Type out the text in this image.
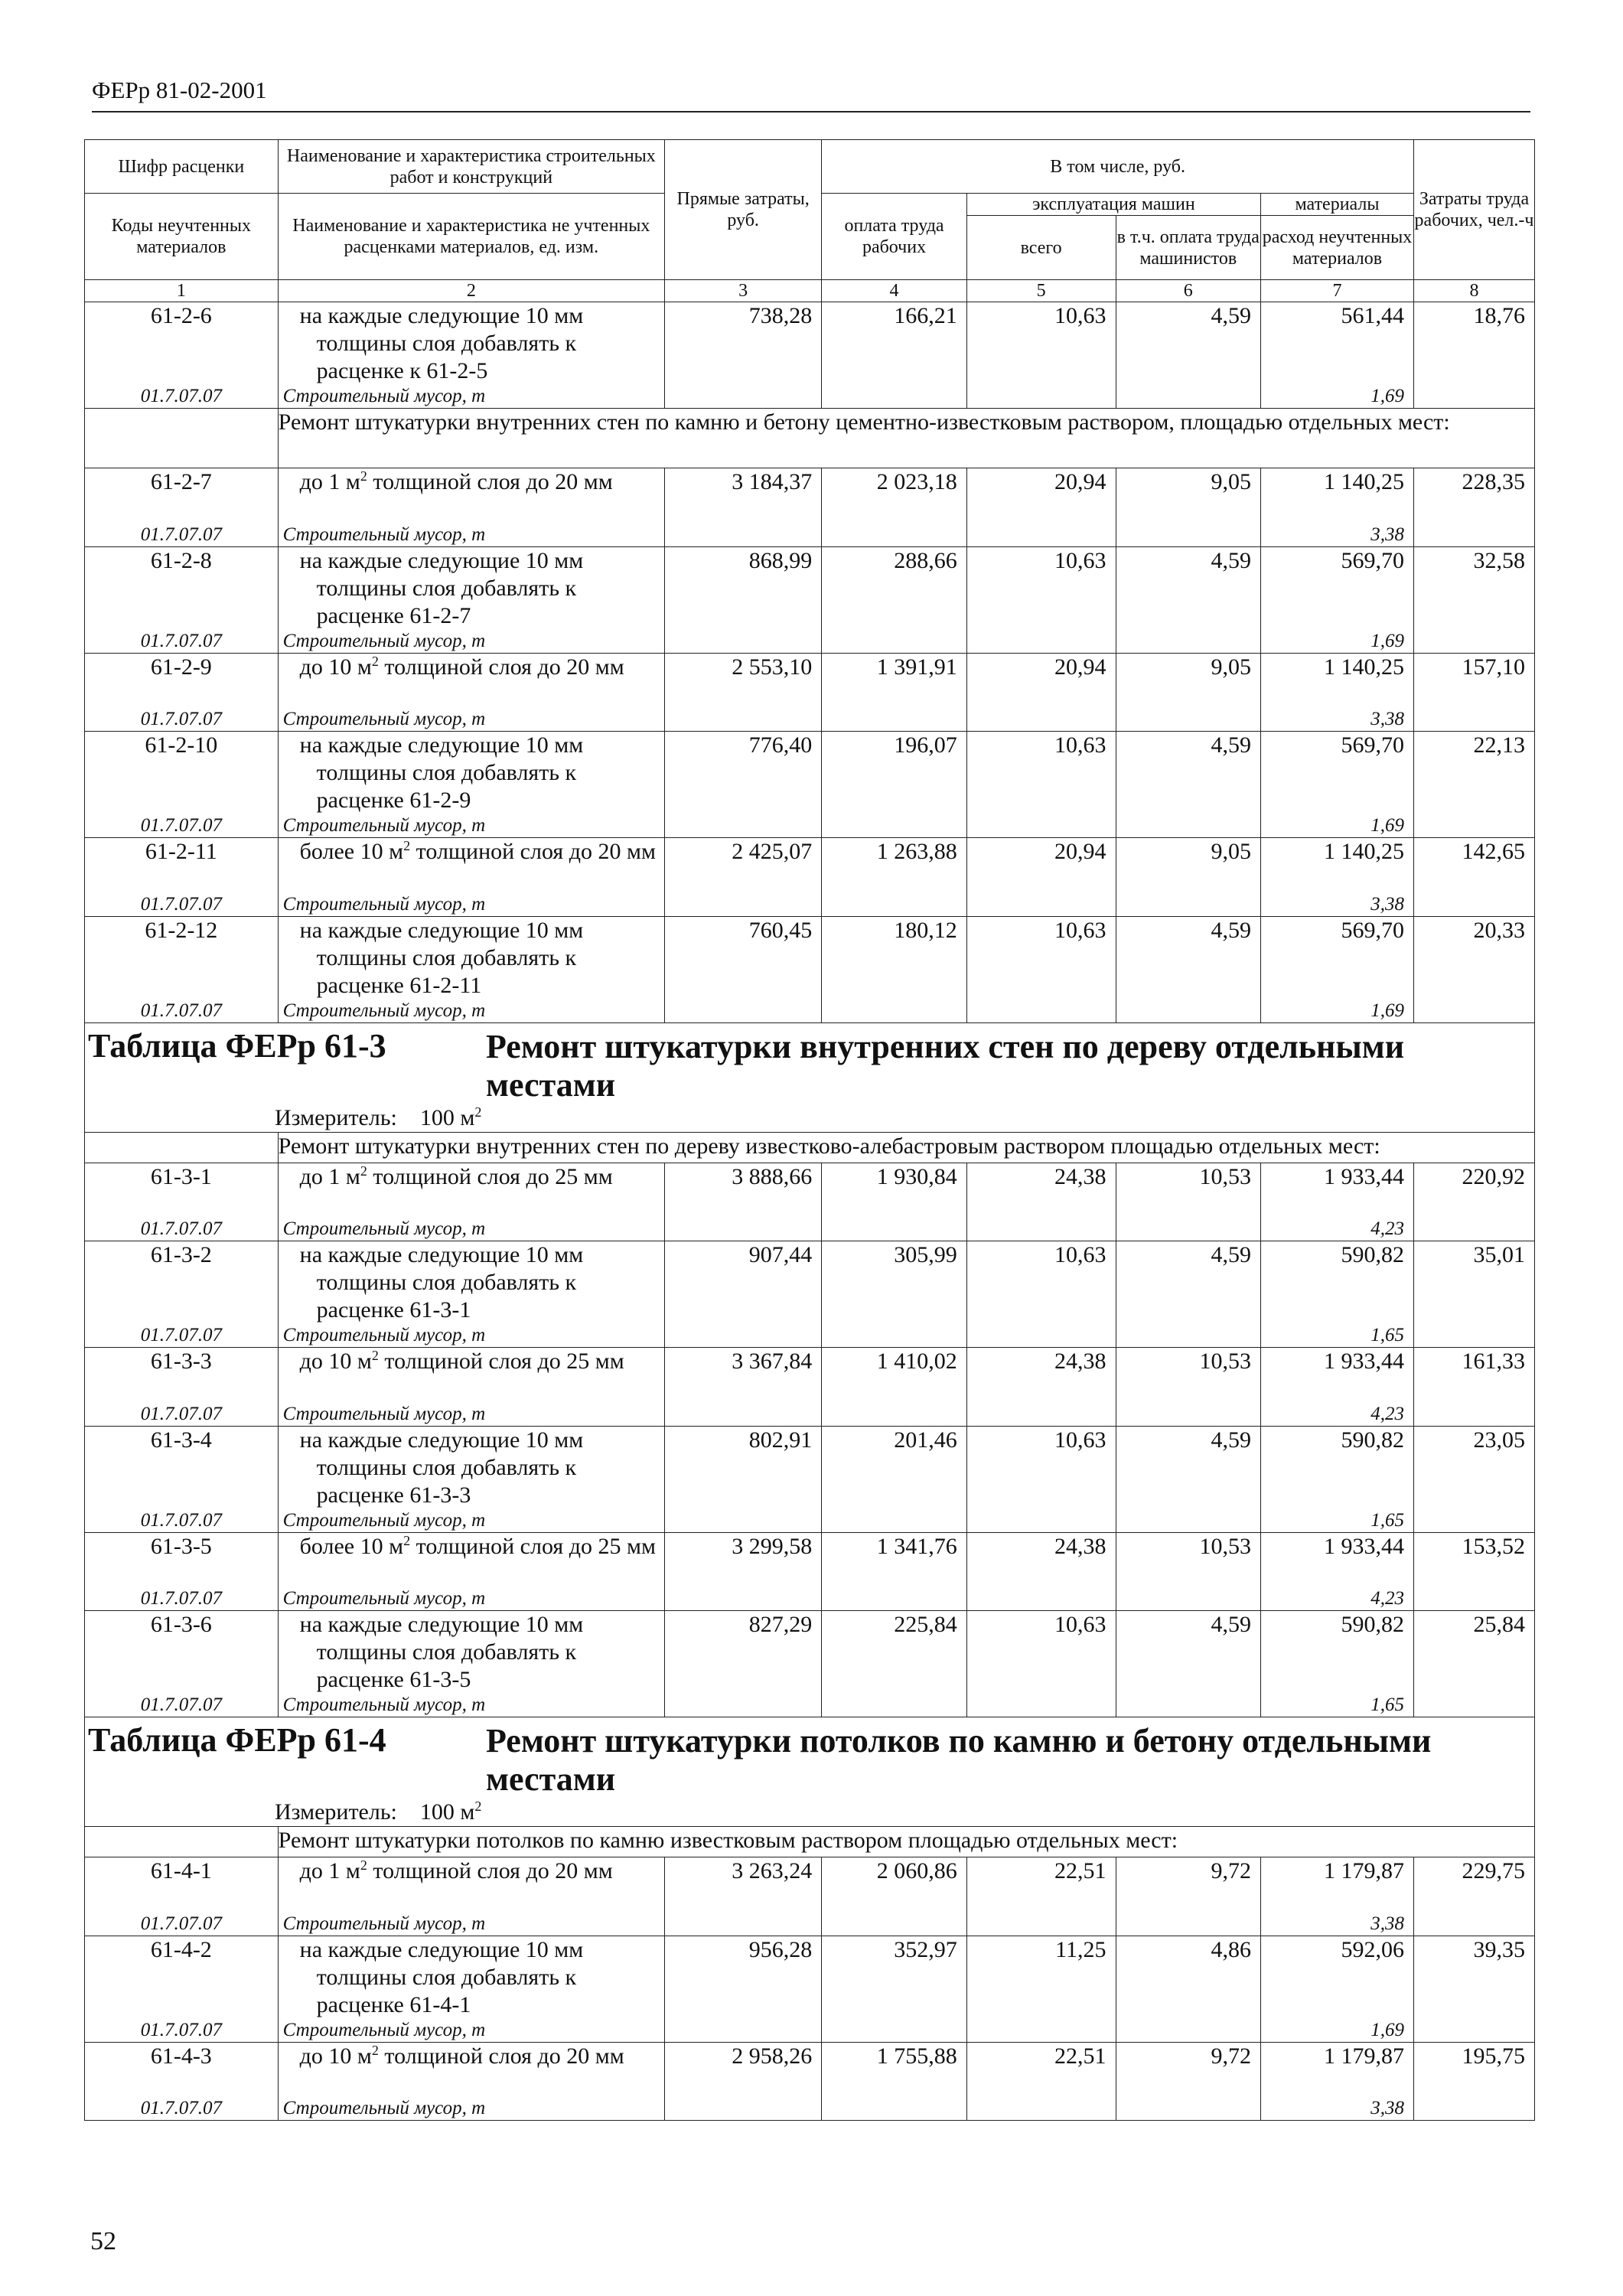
ФЕРр 81-02-2001
Шифр расценки	Наименование и характеристика строительных работ и конструкций	Прямые затраты, руб.	В том числе, руб.				Затраты труда рабочих, чел.-ч
Коды неучтенных материалов	Наименование и характеристика не учтенных расценками материалов, ед. изм.		оплата труда рабочих	эксплуатация машин		материалы	
				всего	в т.ч. оплата труда машинистов	расход неучтенных материалов	
1	2	3	4	5	6	7	8
61-2-6	на каждые следующие 10 мм толщины слоя добавлять к расценке к 61-2-5	738,28	166,21	10,63	4,59	561,44	18,76
01.7.07.07	Строительный мусор, т					1,69	
	Ремонт штукатурки внутренних стен по камню и бетону цементно-известковым раствором, площадью отдельных мест:						
61-2-7	до 1 $м^2$ толщиной слоя до 20 мм	3 184,37	2 023,18	20,94	9,05	1 140,25	228,35
01.7.07.07	Строительный мусор, т					3,38	
61-2-8	на каждые следующие 10 мм толщины слоя добавлять к расценке 61-2-7	868,99	288,66	10,63	4,59	569,70	32,58
01.7.07.07	Строительный мусор, т					1,69	
61-2-9	до 10 $м^2$ толщиной слоя до 20 мм	2 553,10	1 391,91	20,94	9,05	1 140,25	157,10
01.7.07.07	Строительный мусор, т					3,38	
61-2-10	на каждые следующие 10 мм толщины слоя добавлять к расценке 61-2-9	776,40	196,07	10,63	4,59	569,70	22,13
01.7.07.07	Строительный мусор, т					1,69	
61-2-11	более 10 $м^2$ толщиной слоя до 20 мм	2 425,07	1 263,88	20,94	9,05	1 140,25	142,65
01.7.07.07	Строительный мусор, т					3,38	
61-2-12	на каждые следующие 10 мм толщины слоя добавлять к расценке 61-2-11	760,45	180,12	10,63	4,59	569,70	20,33
01.7.07.07	Строительный мусор, т					1,69	

Таблица ФЕРр 61-3 Ремонт штукатурки внутренних стен по дереву отдельными местами
Измеритель: 100 $м^2$

	Ремонт штукатурки внутренних стен по дереву известково-алебастровым раствором площадью отдельных мест:						
61-3-1	до 1 $м^2$ толщиной слоя до 25 мм	3 888,66	1 930,84	24,38	10,53	1 933,44	220,92
01.7.07.07	Строительный мусор, т					4,23	
61-3-2	на каждые следующие 10 мм толщины слоя добавлять к расценке 61-3-1	907,44	305,99	10,63	4,59	590,82	35,01
01.7.07.07	Строительный мусор, т					1,65	
61-3-3	до 10 $м^2$ толщиной слоя до 25 мм	3 367,84	1 410,02	24,38	10,53	1 933,44	161,33
01.7.07.07	Строительный мусор, т					4,23	
61-3-4	на каждые следующие 10 мм толщины слоя добавлять к расценке 61-3-3	802,91	201,46	10,63	4,59	590,82	23,05
01.7.07.07	Строительный мусор, т					1,65	
61-3-5	более 10 $м^2$ толщиной слоя до 25 мм	3 299,58	1 341,76	24,38	10,53	1 933,44	153,52
01.7.07.07	Строительный мусор, т					4,23	
61-3-6	на каждые следующие 10 мм толщины слоя добавлять к расценке 61-3-5	827,29	225,84	10,63	4,59	590,82	25,84
01.7.07.07	Строительный мусор, т					1,65	

Таблица ФЕРр 61-4 Ремонт штукатурки потолков по камню и бетону отдельными местами
Измеритель: 100 $м^2$

	Ремонт штукатурки потолков по камню известковым раствором площадью отдельных мест:						
61-4-1	до 1 $м^2$ толщиной слоя до 20 мм	3 263,24	2 060,86	22,51	9,72	1 179,87	229,75
01.7.07.07	Строительный мусор, т					3,38	
61-4-2	на каждые следующие 10 мм толщины слоя добавлять к расценке 61-4-1	956,28	352,97	11,25	4,86	592,06	39,35
01.7.07.07	Строительный мусор, т					1,69	
61-4-3	до 10 $м^2$ толщиной слоя до 20 мм	2 958,26	1 755,88	22,51	9,72	1 179,87	195,75
01.7.07.07	Строительный мусор, т					3,38	
52
